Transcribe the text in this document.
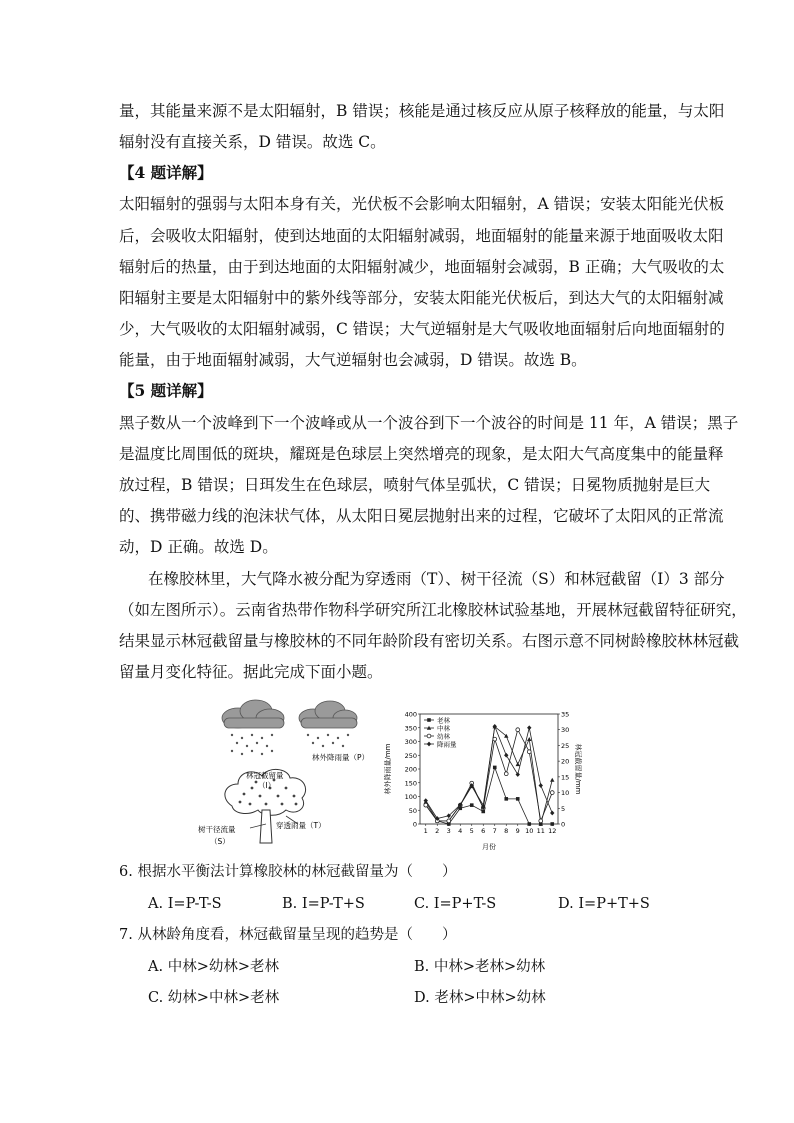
量，其能量来源不是太阳辐射，B 错误；核能是通过核反应从原子核释放的能量，与太阳
辐射没有直接关系，D 错误。故选 C。
【4 题详解】
太阳辐射的强弱与太阳本身有关，光伏板不会影响太阳辐射，A 错误；安装太阳能光伏板
后，会吸收太阳辐射，使到达地面的太阳辐射减弱，地面辐射的能量来源于地面吸收太阳
辐射后的热量，由于到达地面的太阳辐射减少，地面辐射会减弱，B 正确；大气吸收的太
阳辐射主要是太阳辐射中的紫外线等部分，安装太阳能光伏板后，到达大气的太阳辐射减
少，大气吸收的太阳辐射减弱，C 错误；大气逆辐射是大气吸收地面辐射后向地面辐射的
能量，由于地面辐射减弱，大气逆辐射也会减弱，D 错误。故选 B。
【5 题详解】
黑子数从一个波峰到下一个波峰或从一个波谷到下一个波谷的时间是 11 年，A 错误；黑子
是温度比周围低的斑块，耀斑是色球层上突然增亮的现象，是太阳大气高度集中的能量释
放过程，B 错误；日珥发生在色球层，喷射气体呈弧状，C 错误；日冕物质抛射是巨大
的、携带磁力线的泡沫状气体，从太阳日冕层抛射出来的过程，它破坏了太阳风的正常流
动，D 正确。故选 D。
在橡胶林里，大气降水被分配为穿透雨（T）、树干径流（S）和林冠截留（I）3 部分
（如左图所示）。云南省热带作物科学研究所江北橡胶林试验基地，开展林冠截留特征研究，
结果显示林冠截留量与橡胶林的不同年龄阶段有密切关系。右图示意不同树龄橡胶林林冠截
留量月变化特征。据此完成下面小题。
林外降雨量（P）
林冠截留量
（I）
树干径流量
（S）
穿透雨量（T）	0
50
100
150
200
250
300
350
400
0
5
10
15
20
25
30
35
1 2 3 4 5 6 7 8 9 10 11 12
老林
中林
幼林
降雨量
林外降雨量/mm	林冠截留量/mm
月份
6. 根据水平衡法计算橡胶林的林冠截留量为（　　）
A. I=P-T-S	B. I=P-T+S	C. I=P+T-S	D. I=P+T+S
7. 从林龄角度看，林冠截留量呈现的趋势是（　　）
A. 中林>幼林>老林	B. 中林>老林>幼林
C. 幼林>中林>老林	D. 老林>中林>幼林
